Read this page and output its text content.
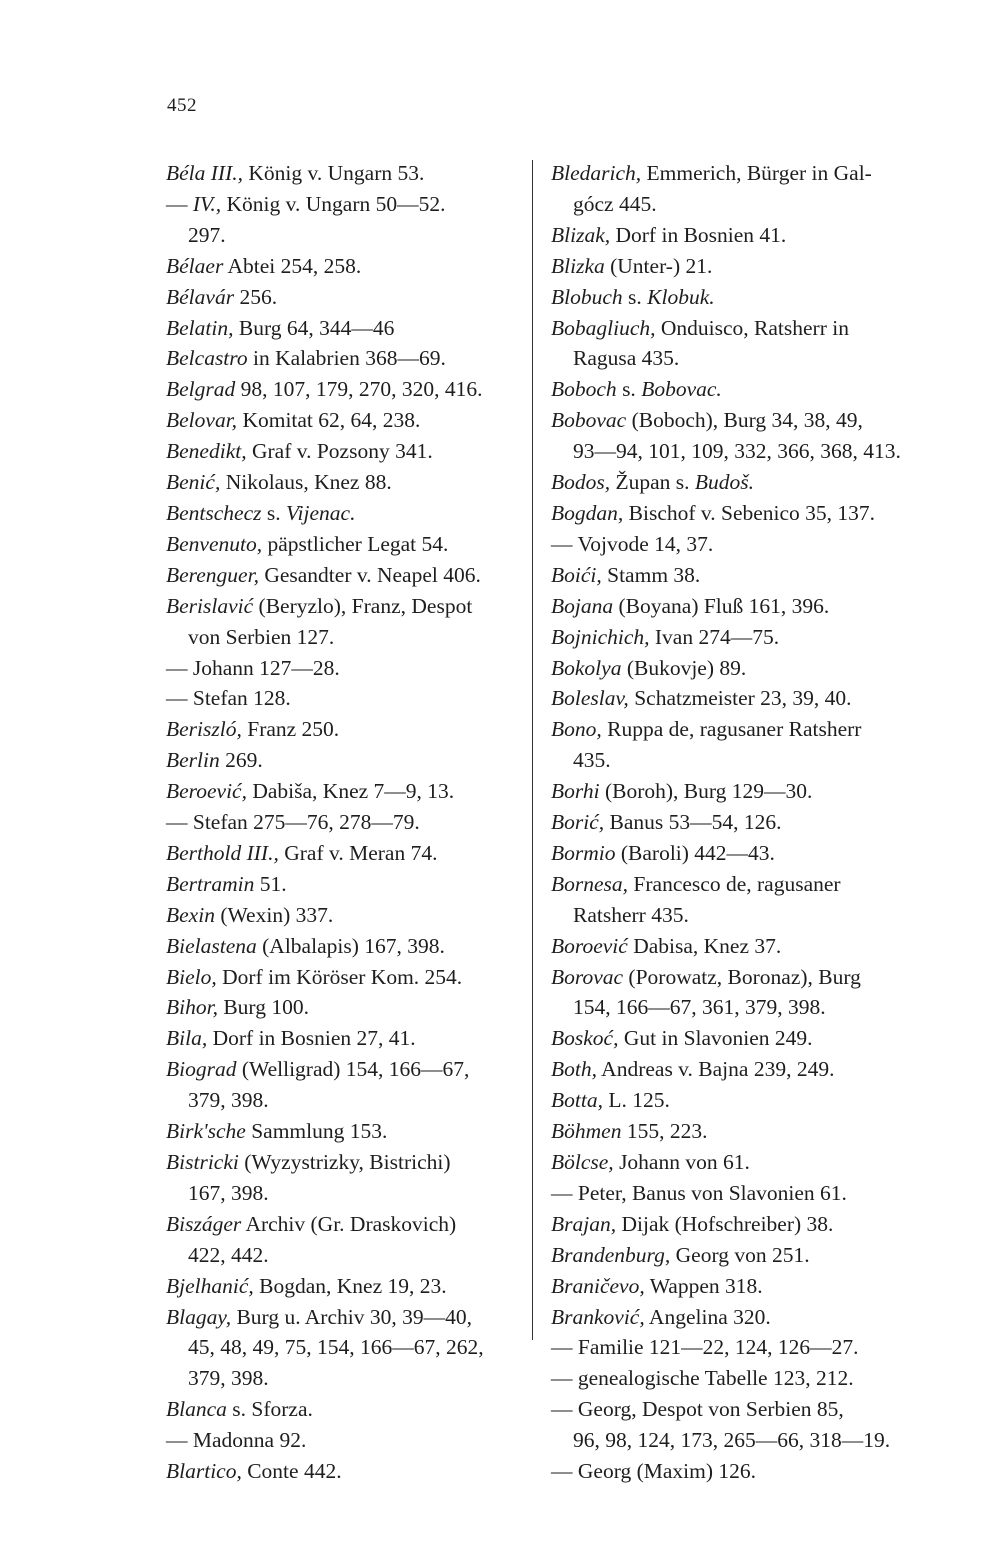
452
Béla III., König v. Ungarn 53.
— IV., König v. Ungarn 50—52.
297.
Bélaer Abtei 254, 258.
Bélavár 256.
Belatin, Burg 64, 344—46
Belcastro in Kalabrien 368—69.
Belgrad 98, 107, 179, 270, 320, 416.
Belovar, Komitat 62, 64, 238.
Benedikt, Graf v. Pozsony 341.
Benić, Nikolaus, Knez 88.
Bentschecz s. Vijenac.
Benvenuto, päpstlicher Legat 54.
Berenguer, Gesandter v. Neapel 406.
Berislavić (Beryzlo), Franz, Despot
von Serbien 127.
— Johann 127—28.
— Stefan 128.
Beriszló, Franz 250.
Berlin 269.
Beroević, Dabiša, Knez 7—9, 13.
— Stefan 275—76, 278—79.
Berthold III., Graf v. Meran 74.
Bertramin 51.
Bexin (Wexin) 337.
Bielastena (Albalapis) 167, 398.
Bielo, Dorf im Köröser Kom. 254.
Bihor, Burg 100.
Bila, Dorf in Bosnien 27, 41.
Biograd (Welligrad) 154, 166—67,
379, 398.
Birk'sche Sammlung 153.
Bistricki (Wyzystrizky, Bistrichi)
167, 398.
Biszáger Archiv (Gr. Draskovich)
422, 442.
Bjelhanić, Bogdan, Knez 19, 23.
Blagay, Burg u. Archiv 30, 39—40,
45, 48, 49, 75, 154, 166—67, 262,
379, 398.
Blanca s. Sforza.
— Madonna 92.
Blartico, Conte 442.
Bledarich, Emmerich, Bürger in Gal-
gócz 445.
Blizak, Dorf in Bosnien 41.
Blizka (Unter-) 21.
Blobuch s. Klobuk.
Bobagliuch, Onduisco, Ratsherr in
Ragusa 435.
Boboch s. Bobovac.
Bobovac (Boboch), Burg 34, 38, 49,
93—94, 101, 109, 332, 366, 368, 413.
Bodos, Župan s. Budoš.
Bogdan, Bischof v. Sebenico 35, 137.
— Vojvode 14, 37.
Boići, Stamm 38.
Bojana (Boyana) Fluß 161, 396.
Bojnichich, Ivan 274—75.
Bokolya (Bukovje) 89.
Boleslav, Schatzmeister 23, 39, 40.
Bono, Ruppa de, ragusaner Ratsherr
435.
Borhi (Boroh), Burg 129—30.
Borić, Banus 53—54, 126.
Bormio (Baroli) 442—43.
Bornesa, Francesco de, ragusaner
Ratsherr 435.
Boroević Dabisa, Knez 37.
Borovac (Porowatz, Boronaz), Burg
154, 166—67, 361, 379, 398.
Boskoć, Gut in Slavonien 249.
Both, Andreas v. Bajna 239, 249.
Botta, L. 125.
Böhmen 155, 223.
Bölcse, Johann von 61.
— Peter, Banus von Slavonien 61.
Brajan, Dijak (Hofschreiber) 38.
Brandenburg, Georg von 251.
Braničevo, Wappen 318.
Branković, Angelina 320.
— Familie 121—22, 124, 126—27.
— genealogische Tabelle 123, 212.
— Georg, Despot von Serbien 85,
96, 98, 124, 173, 265—66, 318—19.
— Georg (Maxim) 126.
